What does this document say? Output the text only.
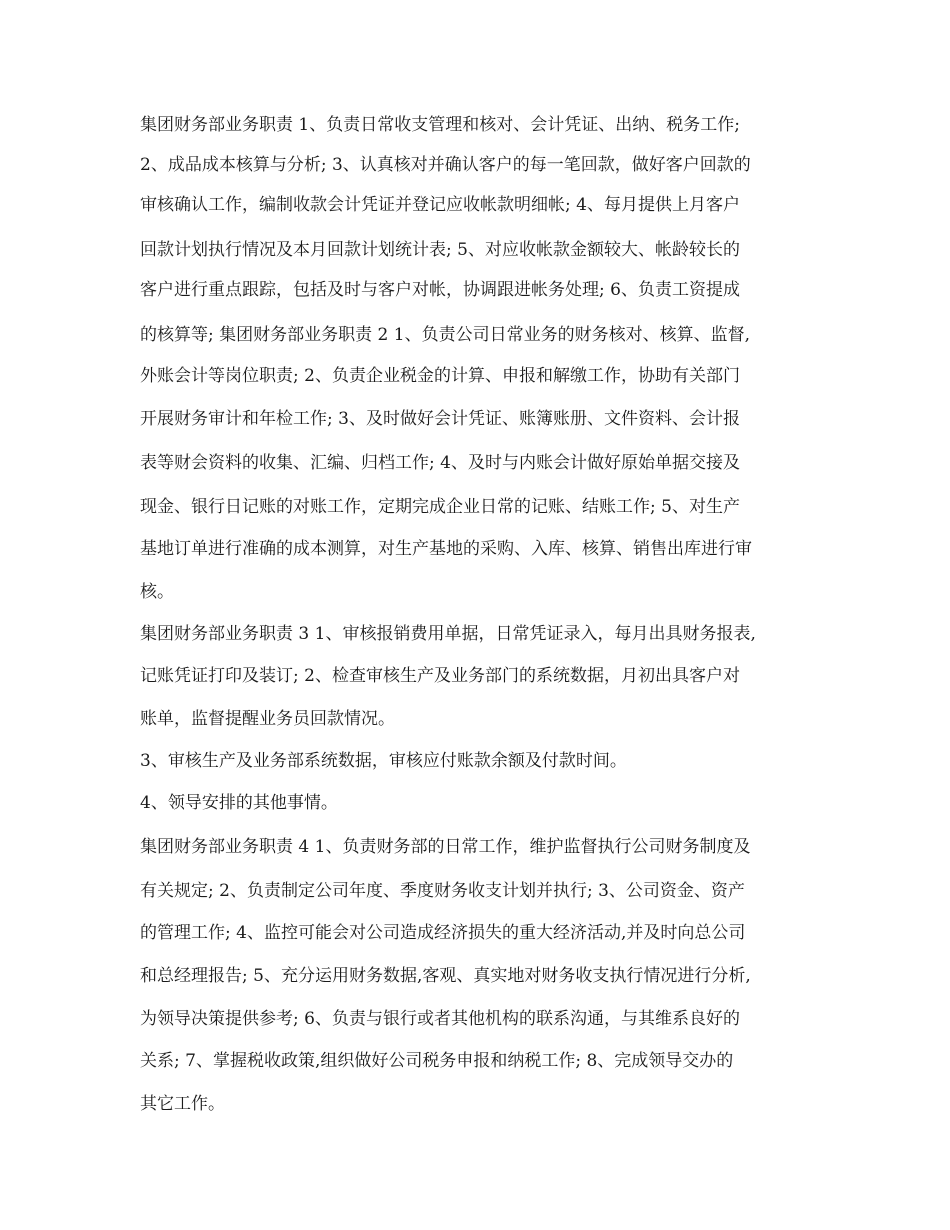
集团财务部业务职责 1、负责日常收支管理和核对、会计凭证、出纳、税务工作;
2、成品成本核算与分析; 3、认真核对并确认客户的每一笔回款，做好客户回款的
审核确认工作，编制收款会计凭证并登记应收帐款明细帐; 4、每月提供上月客户
回款计划执行情况及本月回款计划统计表; 5、对应收帐款金额较大、帐龄较长的
客户进行重点跟踪，包括及时与客户对帐，协调跟进帐务处理; 6、负责工资提成
的核算等; 集团财务部业务职责 2 1、负责公司日常业务的财务核对、核算、监督,
外账会计等岗位职责; 2、负责企业税金的计算、申报和解缴工作，协助有关部门
开展财务审计和年检工作; 3、及时做好会计凭证、账簿账册、文件资料、会计报
表等财会资料的收集、汇编、归档工作; 4、及时与内账会计做好原始单据交接及
现金、银行日记账的对账工作，定期完成企业日常的记账、结账工作; 5、对生产
基地订单进行准确的成本测算，对生产基地的采购、入库、核算、销售出库进行审
核。
集团财务部业务职责 3 1、审核报销费用单据，日常凭证录入，每月出具财务报表,
记账凭证打印及装订; 2、检查审核生产及业务部门的系统数据，月初出具客户对
账单，监督提醒业务员回款情况。
3、审核生产及业务部系统数据，审核应付账款余额及付款时间。
4、领导安排的其他事情。
集团财务部业务职责 4 1、负责财务部的日常工作，维护监督执行公司财务制度及
有关规定; 2、负责制定公司年度、季度财务收支计划并执行; 3、公司资金、资产
的管理工作; 4、监控可能会对公司造成经济损失的重大经济活动,并及时向总公司
和总经理报告; 5、充分运用财务数据,客观、真实地对财务收支执行情况进行分析,
为领导决策提供参考; 6、负责与银行或者其他机构的联系沟通，与其维系良好的
关系; 7、掌握税收政策,组织做好公司税务申报和纳税工作; 8、完成领导交办的
其它工作。
